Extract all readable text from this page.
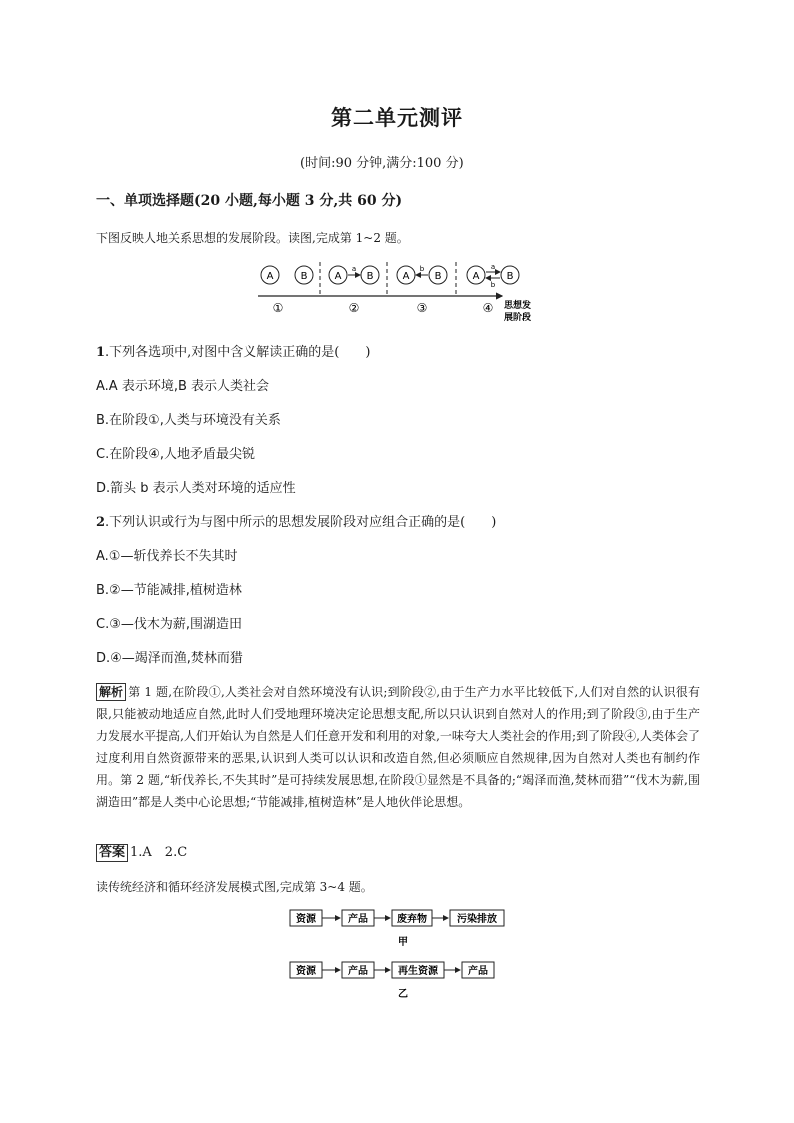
第二单元测评
(时间:90 分钟,满分:100 分)
一、单项选择题(20 小题,每小题 3 分,共 60 分)
下图反映人地关系思想的发展阶段。读图,完成第 1~2 题。
A	B	A
a
B	A
b
B	A
a
b
B
①	②	③	④ 思想发
展阶段
1.下列各选项中,对图中含义解读正确的是(　　)
A.A 表示环境,B 表示人类社会
B.在阶段①,人类与环境没有关系
C.在阶段④,人地矛盾最尖锐
D.箭头 b 表示人类对环境的适应性
2.下列认识或行为与图中所示的思想发展阶段对应组合正确的是(　　)
A.①—斩伐养长不失其时
B.②—节能减排,植树造林
C.③—伐木为薪,围湖造田
D.④—竭泽而渔,焚林而猎
解析 第 1 题,在阶段①,人类社会对自然环境没有认识;到阶段②,由于生产力水平比较低下,人们对自然的认识很有限,只能被动地适应自然,此时人们受地理环境决定论思想支配,所以只认识到自然对人的作用;到了阶段③,由于生产力发展水平提高,人们开始认为自然是人们任意开发和利用的对象,一味夸大人类社会的作用;到了阶段④,人类体会了过度利用自然资源带来的恶果,认识到人类可以认识和改造自然,但必须顺应自然规律,因为自然对人类也有制约作用。第 2 题,“斩伐养长,不失其时”是可持续发展思想,在阶段①显然是不具备的;“竭泽而渔,焚林而猎”“伐木为薪,围湖造田”都是人类中心论思想;“节能减排,植树造林”是人地伙伴论思想。
答案 1.A　2.C
读传统经济和循环经济发展模式图,完成第 3~4 题。
资源	产品	废弃物	污染排放
甲
资源	产品	再生资源	产品
乙
